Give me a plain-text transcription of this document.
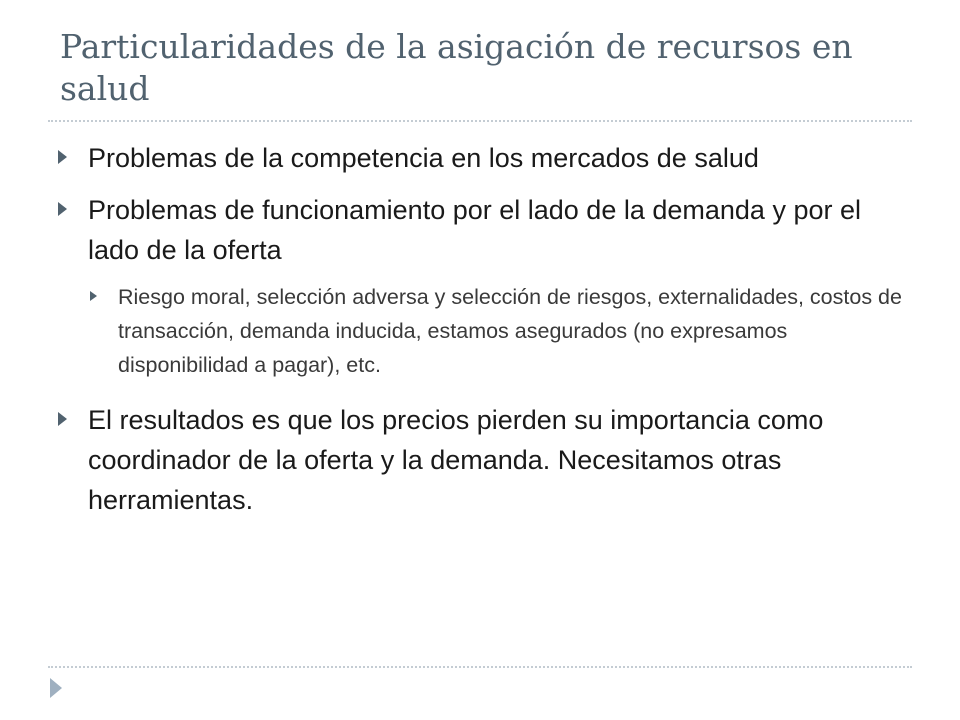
Particularidades de la asigación de recursos en salud
Problemas de la competencia en los mercados de salud
Problemas de funcionamiento por el lado de la demanda y por el lado de la oferta
Riesgo moral, selección adversa y selección de riesgos, externalidades, costos de transacción, demanda inducida, estamos asegurados (no expresamos disponibilidad a pagar), etc.
El resultados es que los precios pierden su importancia como coordinador de la oferta y la demanda. Necesitamos otras herramientas.
